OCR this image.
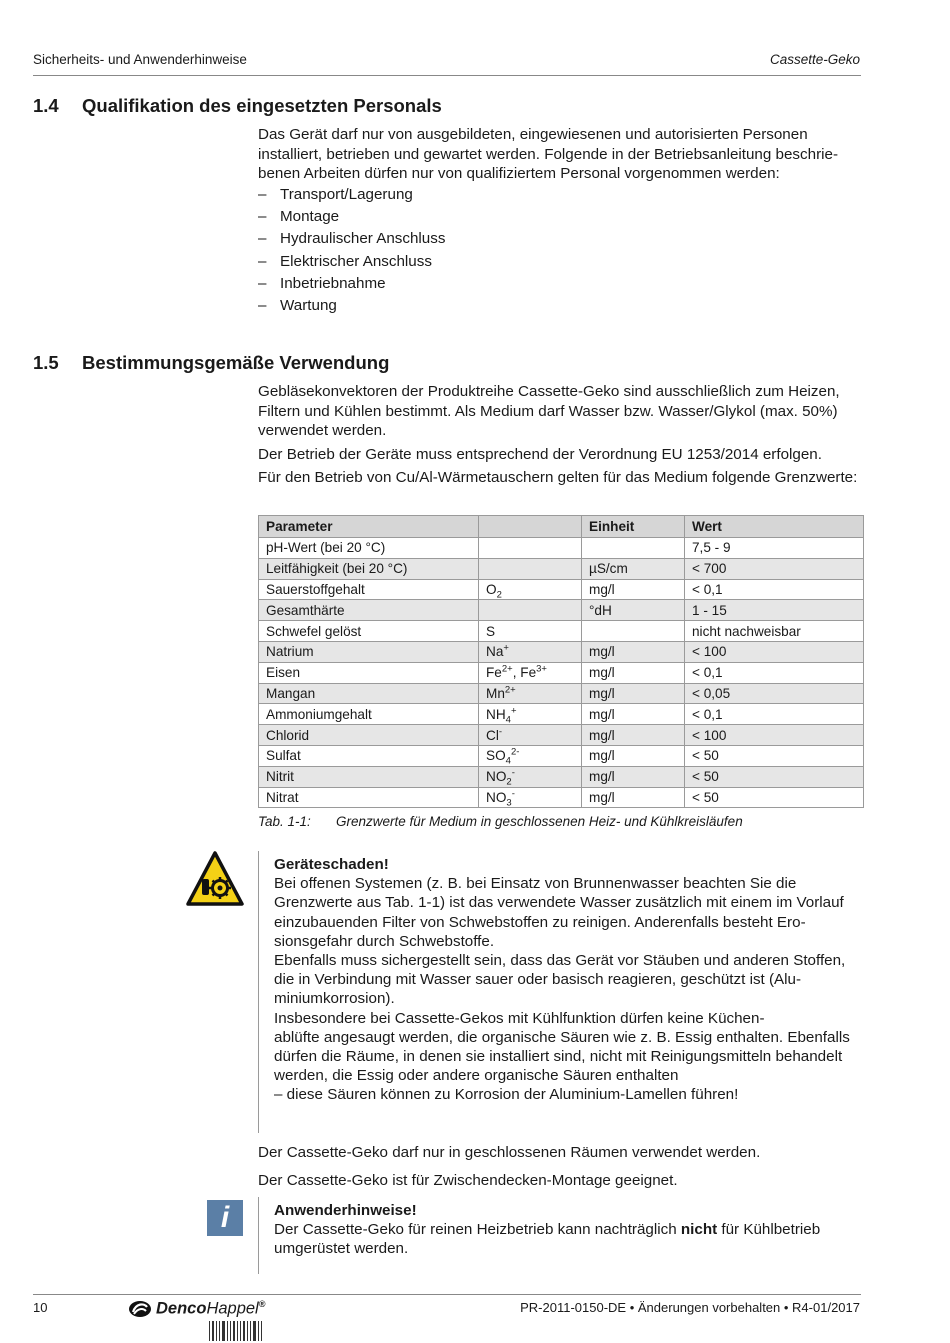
Sicherheits- und Anwenderhinweise	Cassette-Geko
1.4 Qualifikation des eingesetzten Personals
Das Gerät darf nur von ausgebildeten, eingewiesenen und autorisierten Personen installiert, betrieben und gewartet werden. Folgende in der Betriebsanleitung beschriebenen Arbeiten dürfen nur von qualifiziertem Personal vorgenommen werden:
– Transport/Lagerung
– Montage
– Hydraulischer Anschluss
– Elektrischer Anschluss
– Inbetriebnahme
– Wartung
1.5 Bestimmungsgemäße Verwendung

Gebläsekonvektoren der Produktreihe Cassette-Geko sind ausschließlich zum Heizen, Filtern und Kühlen bestimmt. Als Medium darf Wasser bzw. Wasser/Glykol (max. 50%) verwendet werden.

Der Betrieb der Geräte muss entsprechend der Verordnung EU 1253/2014 erfolgen.

Für den Betrieb von Cu/Al-Wärmetauschern gelten für das Medium folgende Grenzwerte:

Parameter		Einheit	Wert
pH-Wert (bei 20 °C)			7,5 - 9
Leitfähigkeit (bei 20 °C)		µS/cm	< 700
Sauerstoffgehalt	$O_2$	mg/l	< 0,1
Gesamthärte		°dH	1 - 15
Schwefel gelöst	S		nicht nachweisbar
Natrium	Na+	mg/l	< 100
Eisen	$Fe^{2+}$, $Fe^{3+}$	mg/l	< 0,1
Mangan	$Mn^{2+}$	mg/l	< 0,05
Ammoniumgehalt	$NH_4^+$	mg/l	< 0,1
Chlorid	Cl-	mg/l	< 100
Sulfat	$SO_4^{2-}$	mg/l	< 50
Nitrit	$NO_2^-$	mg/l	< 50
Nitrat	$NO_3^-$	mg/l	< 50
Tab. 1-1: Grenzwerte für Medium in geschlossenen Heiz- und Kühlkreisläufen
!
Geräteschaden!
Bei offenen Systemen (z. B. bei Einsatz von Brunnenwasser beachten Sie die Grenzwerte aus Tab. 1-1) ist das verwendete Wasser zusätzlich mit einem im Vorlauf einzubauenden Filter von Schwebstoffen zu reinigen. Anderenfalls besteht Erosionsgefahr durch Schwebstoffe.
Ebenfalls muss sichergestellt sein, dass das Gerät vor Stäuben und anderen Stoffen, die in Verbindung mit Wasser sauer oder basisch reagieren, geschützt ist (Aluminiumkorrosion).
Insbesondere bei Cassette-Gekos mit Kühlfunktion dürfen keine Küchen-
ablüfte angesaugt werden, die organische Säuren wie z. B. Essig enthalten. Ebenfalls dürfen die Räume, in denen sie installiert sind, nicht mit Reinigungsmitteln behandelt werden, die Essig oder andere organische Säuren enthalten
– diese Säuren können zu Korrosion der Aluminium-Lamellen führen!

Der Cassette-Geko darf nur in geschlossenen Räumen verwendet werden.

Der Cassette-Geko ist für Zwischendecken-Montage geeignet.

i	Anwenderhinweise!
Der Cassette-Geko für reinen Heizbetrieb kann nachträglich nicht für Kühlbetrieb umgerüstet werden.
10	DencoHappel®	PR-2011-0150-DE • Änderungen vorbehalten • R4-01/2017
